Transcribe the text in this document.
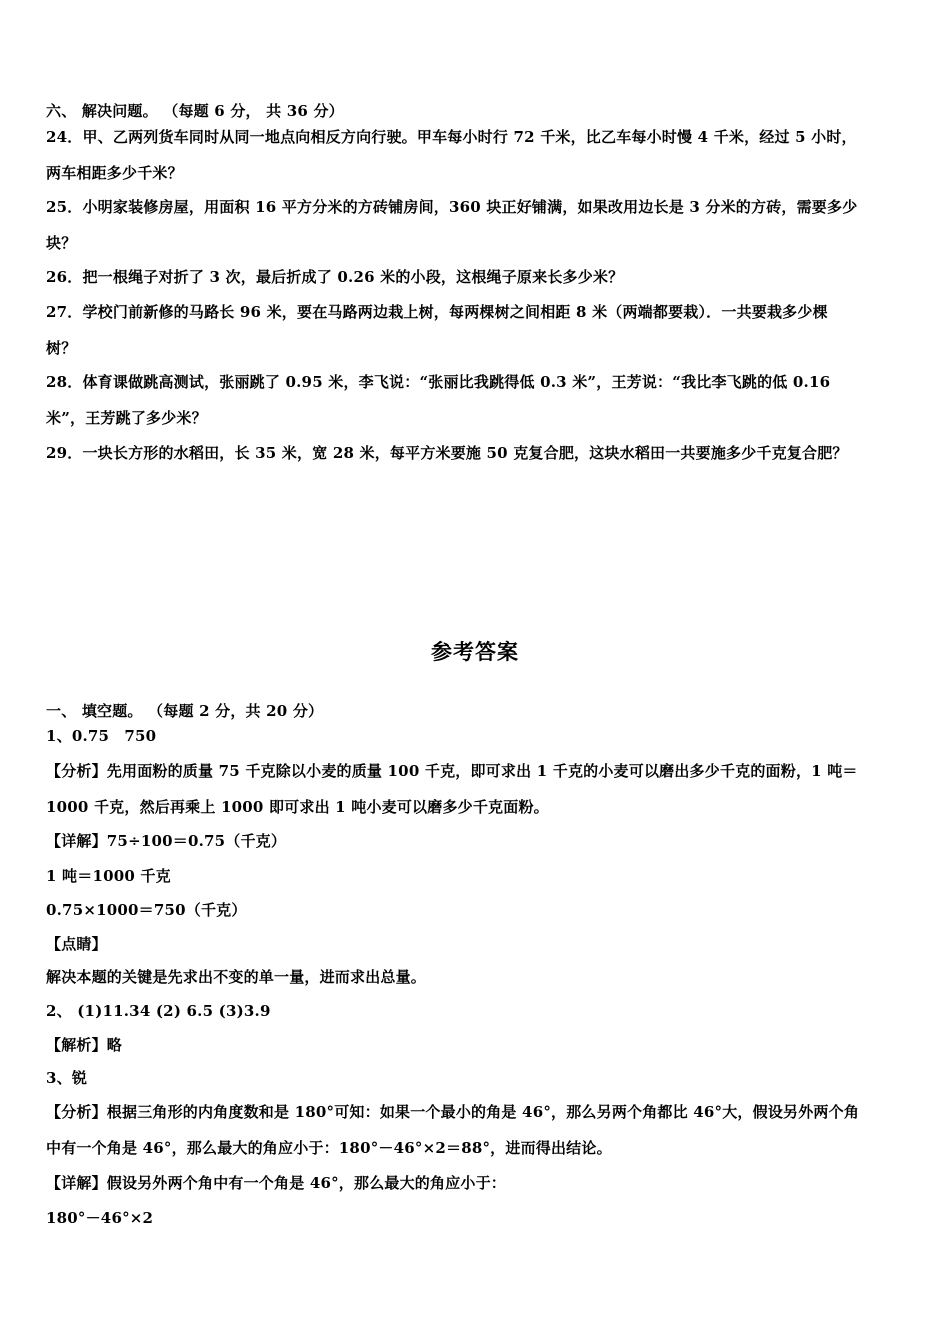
六、 解决问题。 （每题 6 分， 共 36 分）
24．甲、乙两列货车同时从同一地点向相反方向行驶。甲车每小时行 72 千米，比乙车每小时慢 4 千米，经过 5 小时，
两车相距多少千米？
25．小明家装修房屋，用面积 16 平方分米的方砖铺房间，360 块正好铺满，如果改用边长是 3 分米的方砖，需要多少
块？
26．把一根绳子对折了 3 次，最后折成了 0.26 米的小段，这根绳子原来长多少米？
27．学校门前新修的马路长 96 米，要在马路两边栽上树，每两棵树之间相距 8 米（两端都要栽）．一共要栽多少棵
树？
28．体育课做跳高测试，张丽跳了 0.95 米，李飞说：“张丽比我跳得低 0.3 米”，王芳说：“我比李飞跳的低 0.16
米”，王芳跳了多少米？
29．一块长方形的水稻田，长 35 米，宽 28 米，每平方米要施 50 克复合肥，这块水稻田一共要施多少千克复合肥？
参考答案
一、 填空题。 （每题 2 分，共 20 分）
1、0.75　750
【分析】先用面粉的质量 75 千克除以小麦的质量 100 千克，即可求出 1 千克的小麦可以磨出多少千克的面粉，1 吨＝
1000 千克，然后再乘上 1000 即可求出 1 吨小麦可以磨多少千克面粉。
【详解】75÷100＝0.75（千克）
1 吨＝1000 千克
0.75×1000＝750（千克）
【点睛】
解决本题的关键是先求出不变的单一量，进而求出总量。
2、 (1)11.34 (2) 6.5 (3)3.9
【解析】略
3、锐
【分析】根据三角形的内角度数和是 180°可知：如果一个最小的角是 46°，那么另两个角都比 46°大，假设另外两个角
中有一个角是 46°，那么最大的角应小于：180°－46°×2＝88°，进而得出结论。
【详解】假设另外两个角中有一个角是 46°，那么最大的角应小于：
180°－46°×2
